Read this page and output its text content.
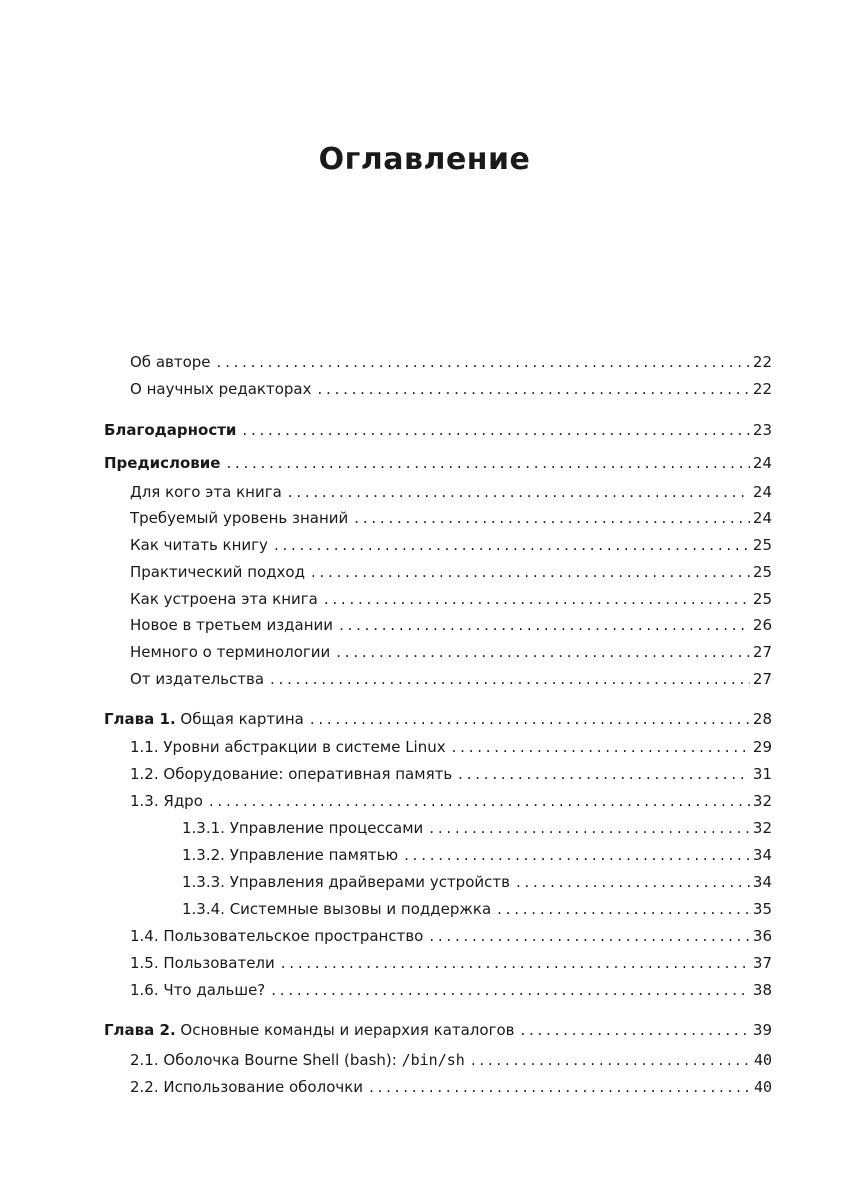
Оглавление
Об авторе . . .	22
О научных редакторах . . .	22
Благодарности . . .	23
Предисловие . . .	24
Для кого эта книга . . .	24
Требуемый уровень знаний . . .	24
Как читать книгу . . .	25
Практический подход . . .	25
Как устроена эта книга . . .	25
Новое в третьем издании . . .	26
Немного о терминологии . . .	27
От издательства . . .	27
Глава 1. Общая картина . . .	28
1.1. Уровни абстракции в системе Linux . . .	29
1.2. Оборудование: оперативная память . . .	31
1.3. Ядро . . .	32
1.3.1. Управление процессами . . .	32
1.3.2. Управление памятью . . .	34
1.3.3. Управления драйверами устройств . . .	34
1.3.4. Системные вызовы и поддержка . . .	35
1.4. Пользовательское пространство . . .	36
1.5. Пользователи . . .	37
1.6. Что дальше? . . .	38
Глава 2. Основные команды и иерархия каталогов . . .	39
2.1. Оболочка Bourne Shell (bash): /bin/sh . . .	40
2.2. Использование оболочки . . .	40
